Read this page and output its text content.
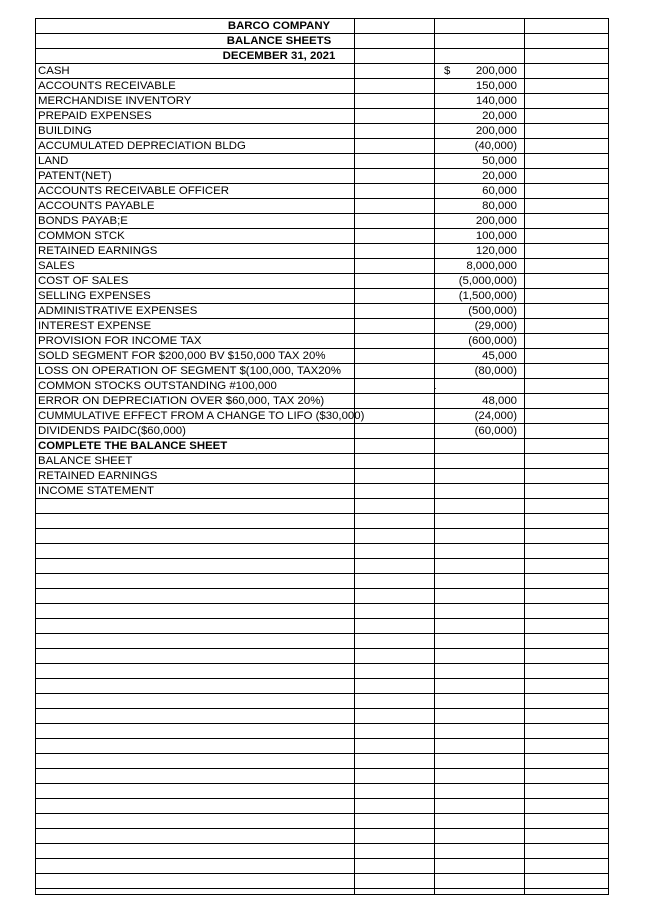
BARCO COMPANY
BALANCE SHEETS
DECEMBER 31, 2021
CASH	$	200,000
ACCOUNTS RECEIVABLE	150,000
MERCHANDISE INVENTORY	140,000
PREPAID EXPENSES	20,000
BUILDING	200,000
ACCUMULATED DEPRECIATION BLDG	(40,000)
LAND	50,000
PATENT(NET)	20,000
ACCOUNTS RECEIVABLE OFFICER	60,000
ACCOUNTS PAYABLE	80,000
BONDS PAYAB;E	200,000
COMMON STCK	100,000
RETAINED EARNINGS	120,000
SALES	8,000,000
COST OF SALES	(5,000,000)
SELLING EXPENSES	(1,500,000)
ADMINISTRATIVE EXPENSES	(500,000)
INTEREST EXPENSE	(29,000)
PROVISION FOR INCOME TAX	(600,000)
SOLD SEGMENT FOR $200,000 BV $150,000 TAX 20%	45,000
LOSS ON OPERATION OF SEGMENT $(100,000, TAX20%	(80,000)
COMMON STOCKS OUTSTANDING #100,000	.
ERROR ON DEPRECIATION OVER $60,000, TAX 20%)	48,000
CUMMULATIVE EFFECT FROM A CHANGE TO LIFO ($30,000)	(24,000)
DIVIDENDS PAIDC($60,000)	(60,000)
COMPLETE THE BALANCE SHEET
BALANCE SHEET
RETAINED EARNINGS
INCOME STATEMENT
